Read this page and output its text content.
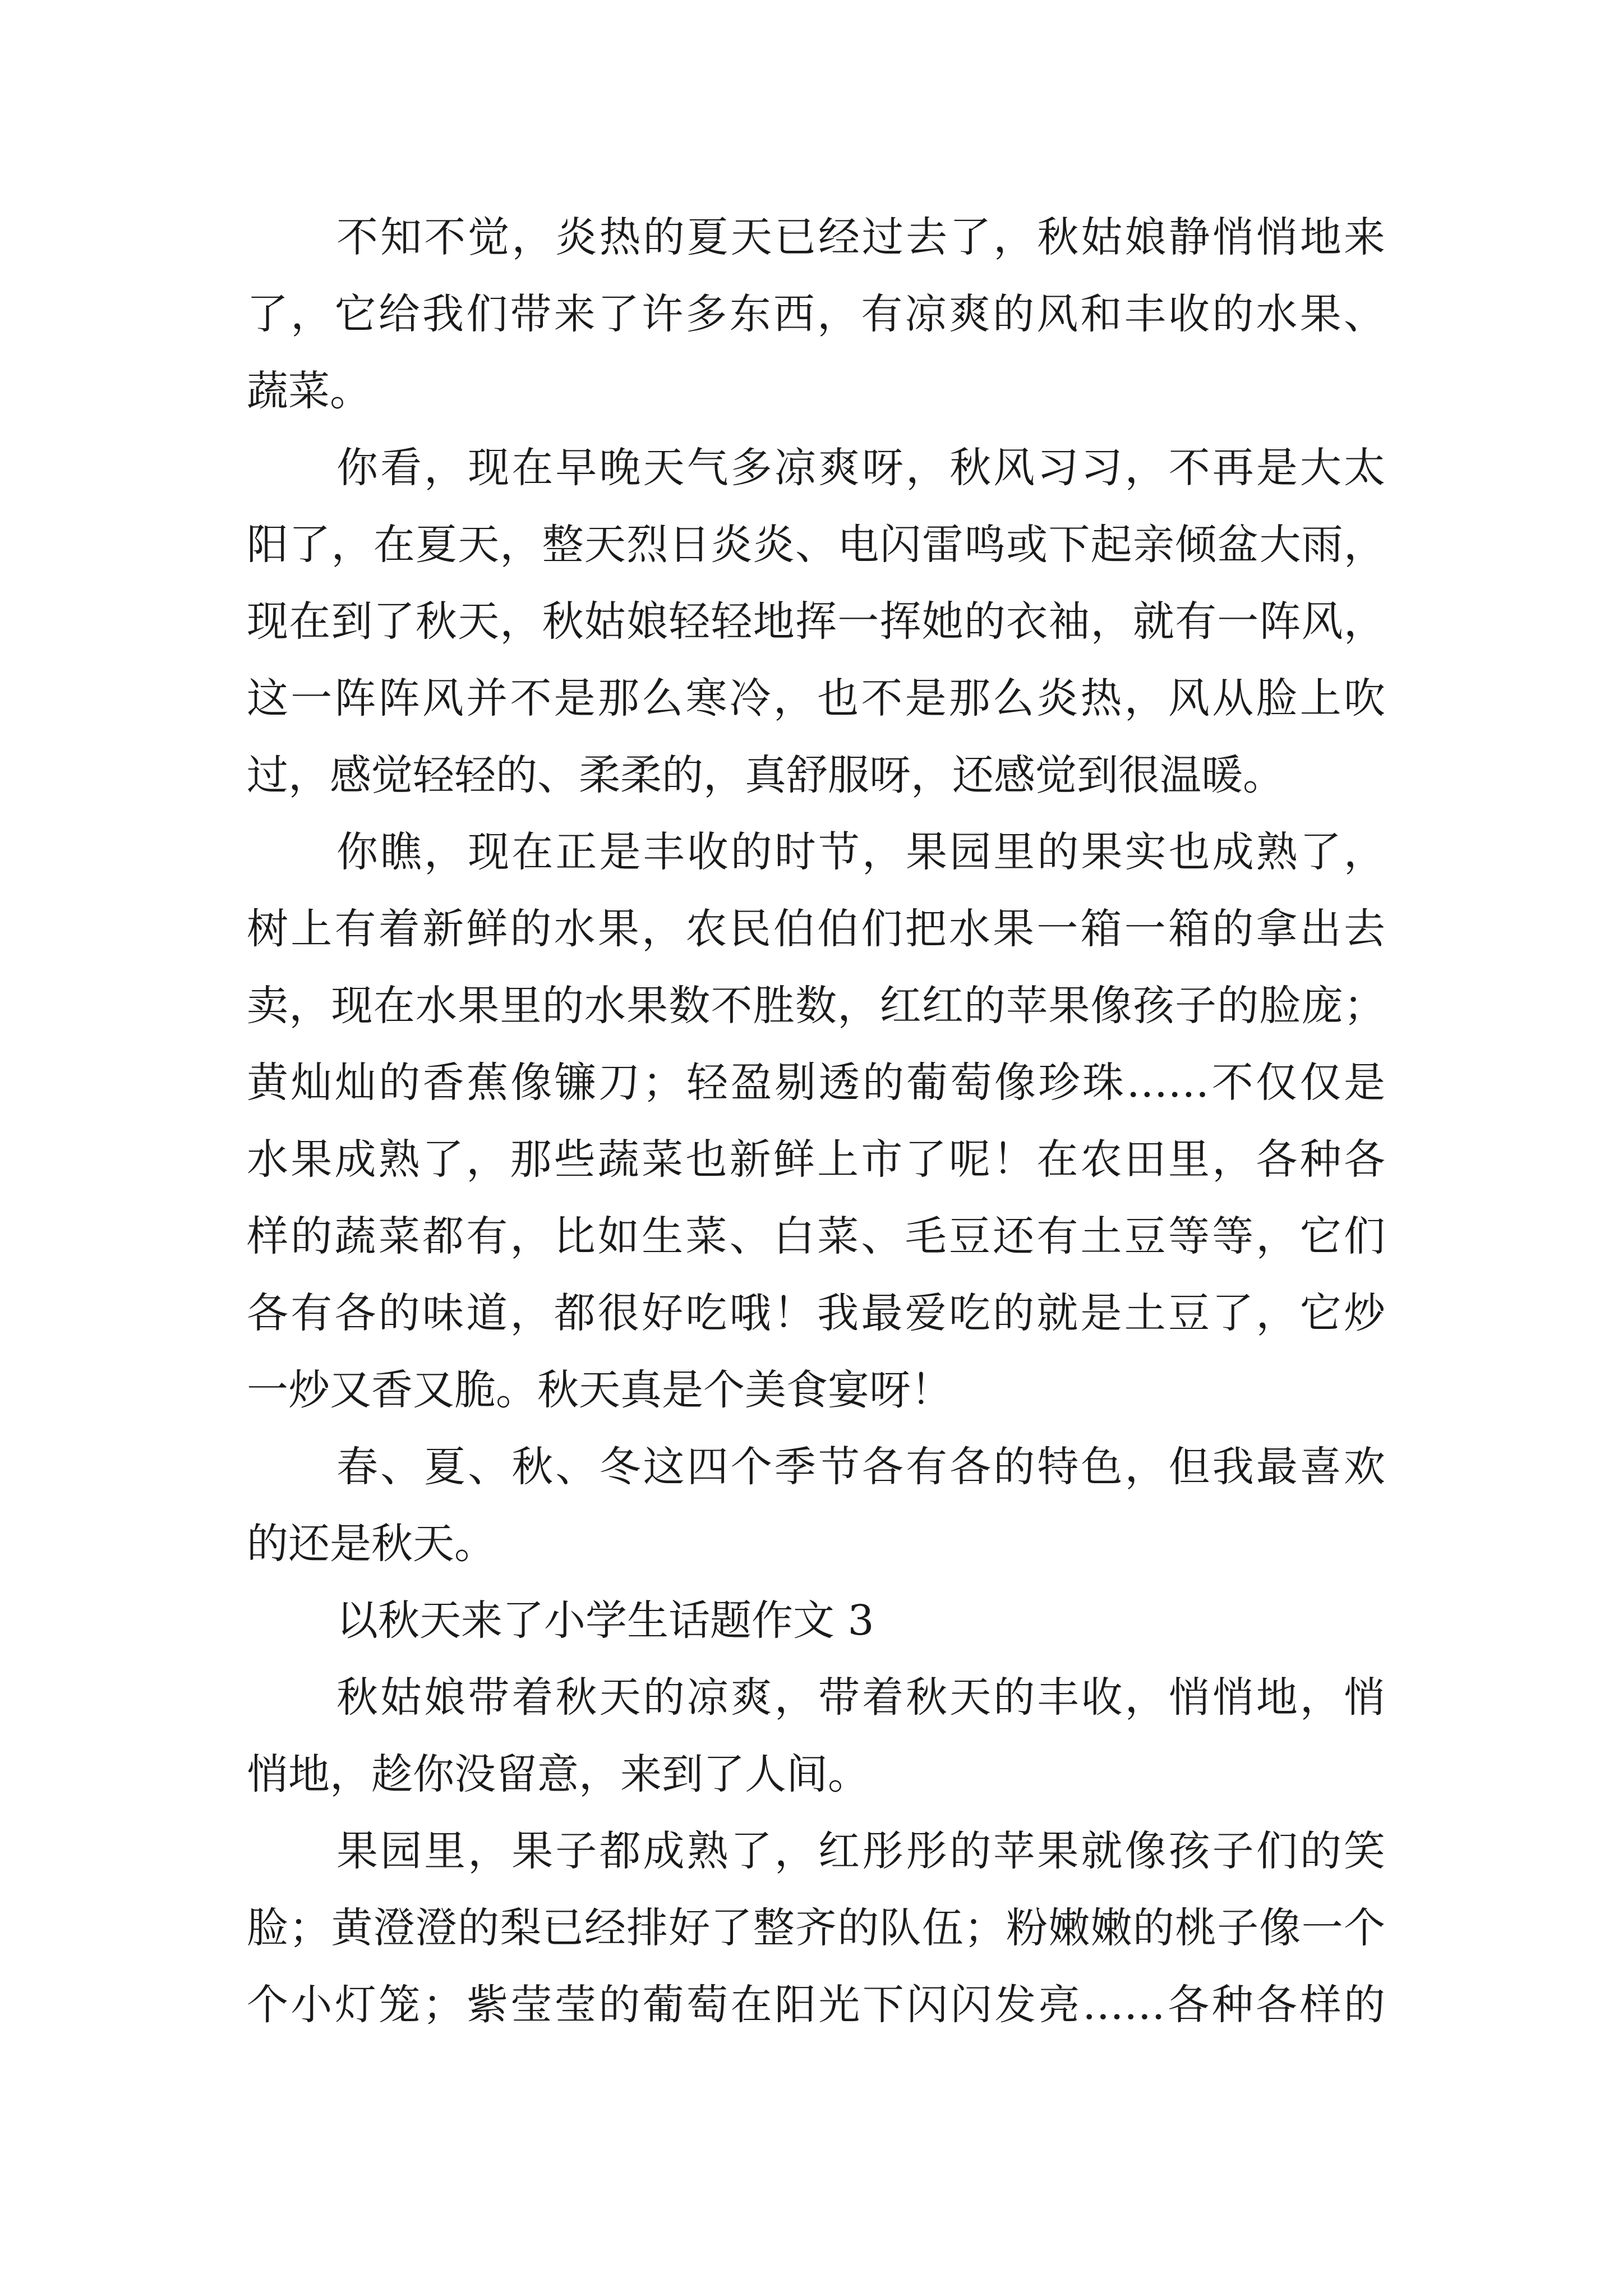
不知不觉，炎热的夏天已经过去了，秋姑娘静悄悄地来
了，它给我们带来了许多东西，有凉爽的风和丰收的水果、
蔬菜。
你看，现在早晚天气多凉爽呀，秋风习习，不再是大太
阳了，在夏天，整天烈日炎炎、电闪雷鸣或下起亲倾盆大雨，
现在到了秋天，秋姑娘轻轻地挥一挥她的衣袖，就有一阵风，
这一阵阵风并不是那么寒冷，也不是那么炎热，风从脸上吹
过，感觉轻轻的、柔柔的，真舒服呀，还感觉到很温暖。
你瞧，现在正是丰收的时节，果园里的果实也成熟了，
树上有着新鲜的水果，农民伯伯们把水果一箱一箱的拿出去
卖，现在水果里的水果数不胜数，红红的苹果像孩子的脸庞；
黄灿灿的香蕉像镰刀；轻盈剔透的葡萄像珍珠……不仅仅是
水果成熟了，那些蔬菜也新鲜上市了呢！在农田里，各种各
样的蔬菜都有，比如生菜、白菜、毛豆还有土豆等等，它们
各有各的味道，都很好吃哦！我最爱吃的就是土豆了，它炒
一炒又香又脆。秋天真是个美食宴呀！
春、夏、秋、冬这四个季节各有各的特色，但我最喜欢
的还是秋天。
以秋天来了小学生话题作文 3
秋姑娘带着秋天的凉爽，带着秋天的丰收，悄悄地，悄
悄地，趁你没留意，来到了人间。
果园里，果子都成熟了，红彤彤的苹果就像孩子们的笑
脸；黄澄澄的梨已经排好了整齐的队伍；粉嫩嫩的桃子像一个
个小灯笼；紫莹莹的葡萄在阳光下闪闪发亮……各种各样的
